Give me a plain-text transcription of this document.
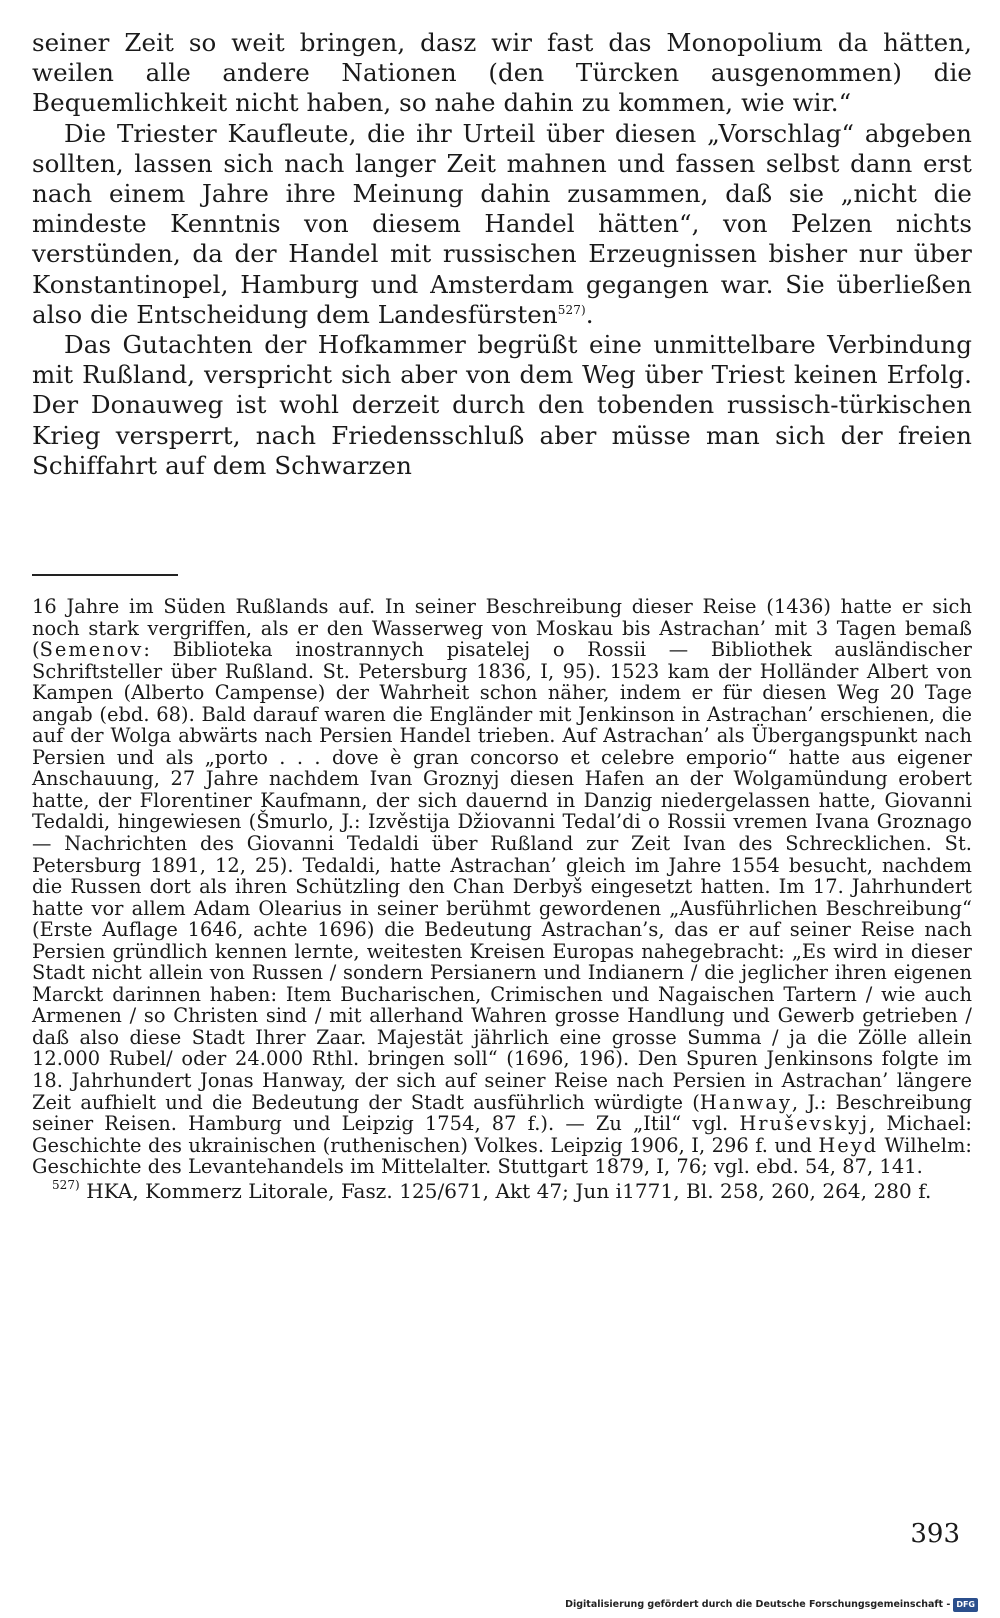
seiner Zeit so weit bringen, dasz wir fast das Monopolium da hätten, weilen alle andere Nationen (den Türcken ausgenommen) die Bequemlichkeit nicht haben, so nahe dahin zu kommen, wie wir.“

Die Triester Kaufleute, die ihr Urteil über diesen „Vorschlag“ abgeben sollten, lassen sich nach langer Zeit mahnen und fassen selbst dann erst nach einem Jahre ihre Meinung dahin zusammen, daß sie „nicht die mindeste Kenntnis von diesem Handel hätten“, von Pelzen nichts verstünden, da der Handel mit russischen Erzeugnissen bisher nur über Konstantinopel, Hamburg und Amsterdam gegangen war. Sie überließen also die Entscheidung dem Landesfürsten$^{527)}$.

Das Gutachten der Hofkammer begrüßt eine unmittelbare Verbindung mit Rußland, verspricht sich aber von dem Weg über Triest keinen Erfolg. Der Donauweg ist wohl derzeit durch den tobenden russisch-türkischen Krieg versperrt, nach Friedensschluß aber müsse man sich der freien Schiffahrt auf dem Schwarzen

16 Jahre im Süden Rußlands auf. In seiner Beschreibung dieser Reise (1436) hatte er sich noch stark vergriffen, als er den Wasserweg von Moskau bis Astrachan’ mit 3 Tagen bemaß (Semenov: Biblioteka inostrannych pisatelej o Rossii — Bibliothek ausländischer Schriftsteller über Rußland. St. Petersburg 1836, I, 95). 1523 kam der Holländer Albert von Kampen (Alberto Campense) der Wahrheit schon näher, indem er für diesen Weg 20 Tage angab (ebd. 68). Bald darauf waren die Engländer mit Jenkinson in Astrachan’ erschienen, die auf der Wolga abwärts nach Persien Handel trieben. Auf Astrachan’ als Übergangspunkt nach Persien und als „porto . . . dove è gran concorso et celebre emporio“ hatte aus eigener Anschauung, 27 Jahre nachdem Ivan Groznyj diesen Hafen an der Wolgamündung erobert hatte, der Florentiner Kaufmann, der sich dauernd in Danzig niedergelassen hatte, Giovanni Tedaldi, hingewiesen (Šmurlo, J.: Izvěstija Džiovanni Tedal’di o Rossii vremen Ivana Groznago — Nachrichten des Giovanni Tedaldi über Rußland zur Zeit Ivan des Schrecklichen. St. Petersburg 1891, 12, 25). Tedaldi, hatte Astrachan’ gleich im Jahre 1554 besucht, nachdem die Russen dort als ihren Schützling den Chan Derbyš eingesetzt hatten. Im 17. Jahrhundert hatte vor allem Adam Olearius in seiner berühmt gewordenen „Ausführlichen Beschreibung“ (Erste Auflage 1646, achte 1696) die Bedeutung Astrachan’s, das er auf seiner Reise nach Persien gründlich kennen lernte, weitesten Kreisen Europas nahegebracht: „Es wird in dieser Stadt nicht allein von Russen / sondern Persianern und Indianern / die jeglicher ihren eigenen Marckt darinnen haben: Item Bucharischen, Crimischen und Nagaischen Tartern / wie auch Armenen / so Christen sind / mit allerhand Wahren grosse Handlung und Gewerb getrieben / daß also diese Stadt Ihrer Zaar. Majestät jährlich eine grosse Summa / ja die Zölle allein 12.000 Rubel/ oder 24.000 Rthl. bringen soll“ (1696, 196). Den Spuren Jenkinsons folgte im 18. Jahrhundert Jonas Hanway, der sich auf seiner Reise nach Persien in Astrachan’ längere Zeit aufhielt und die Bedeutung der Stadt ausführlich würdigte (Hanway, J.: Beschreibung seiner Reisen. Hamburg und Leipzig 1754, 87 f.). — Zu „Itil“ vgl. Hruševskyj, Michael: Geschichte des ukrainischen (ruthenischen) Volkes. Leipzig 1906, I, 296 f. und Heyd Wilhelm: Geschichte des Levantehandels im Mittelalter. Stuttgart 1879, I, 76; vgl. ebd. 54, 87, 141.

$^{527)}$ HKA, Kommerz Litorale, Fasz. 125/671, Akt 47; Jun i1771, Bl. 258, 260, 264, 280 f.

393
Digitalisierung gefördert durch die Deutsche Forschungsgemeinschaft - DFG
